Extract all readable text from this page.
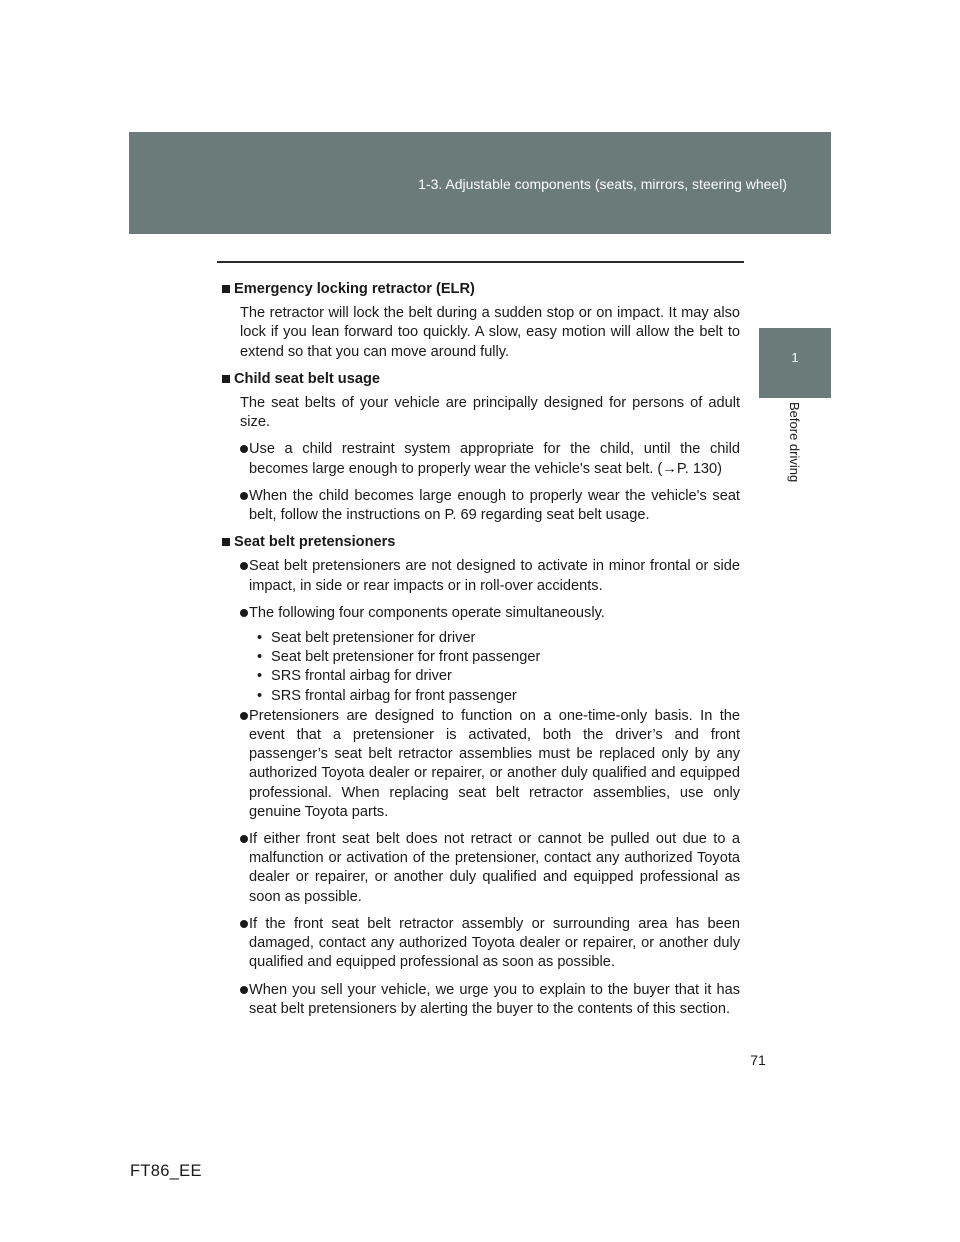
1-3. Adjustable components (seats, mirrors, steering wheel)
1
Before driving
Emergency locking retractor (ELR)

The retractor will lock the belt during a sudden stop or on impact. It may also lock if you lean forward too quickly. A slow, easy motion will allow the belt to extend so that you can move around fully.

Child seat belt usage

The seat belts of your vehicle are principally designed for persons of adult size.

Use a child restraint system appropriate for the child, until the child becomes large enough to properly wear the vehicle's seat belt. (→P. 130)
When the child becomes large enough to properly wear the vehicle's seat belt, follow the instructions on P. 69 regarding seat belt usage.
Seat belt pretensioners
Seat belt pretensioners are not designed to activate in minor frontal or side impact, in side or rear impacts or in roll-over accidents.
The following four components operate simultaneously.
• Seat belt pretensioner for driver
• Seat belt pretensioner for front passenger
• SRS frontal airbag for driver
• SRS frontal airbag for front passenger
Pretensioners are designed to function on a one-time-only basis. In the event that a pretensioner is activated, both the driver’s and front passenger’s seat belt retractor assemblies must be replaced only by any authorized Toyota dealer or repairer, or another duly qualified and equipped professional. When replacing seat belt retractor assemblies, use only genuine Toyota parts.
If either front seat belt does not retract or cannot be pulled out due to a malfunction or activation of the pretensioner, contact any authorized Toyota dealer or repairer, or another duly qualified and equipped professional as soon as possible.
If the front seat belt retractor assembly or surrounding area has been damaged, contact any authorized Toyota dealer or repairer, or another duly qualified and equipped professional as soon as possible.
When you sell your vehicle, we urge you to explain to the buyer that it has seat belt pretensioners by alerting the buyer to the contents of this section.
71
FT86_EE
